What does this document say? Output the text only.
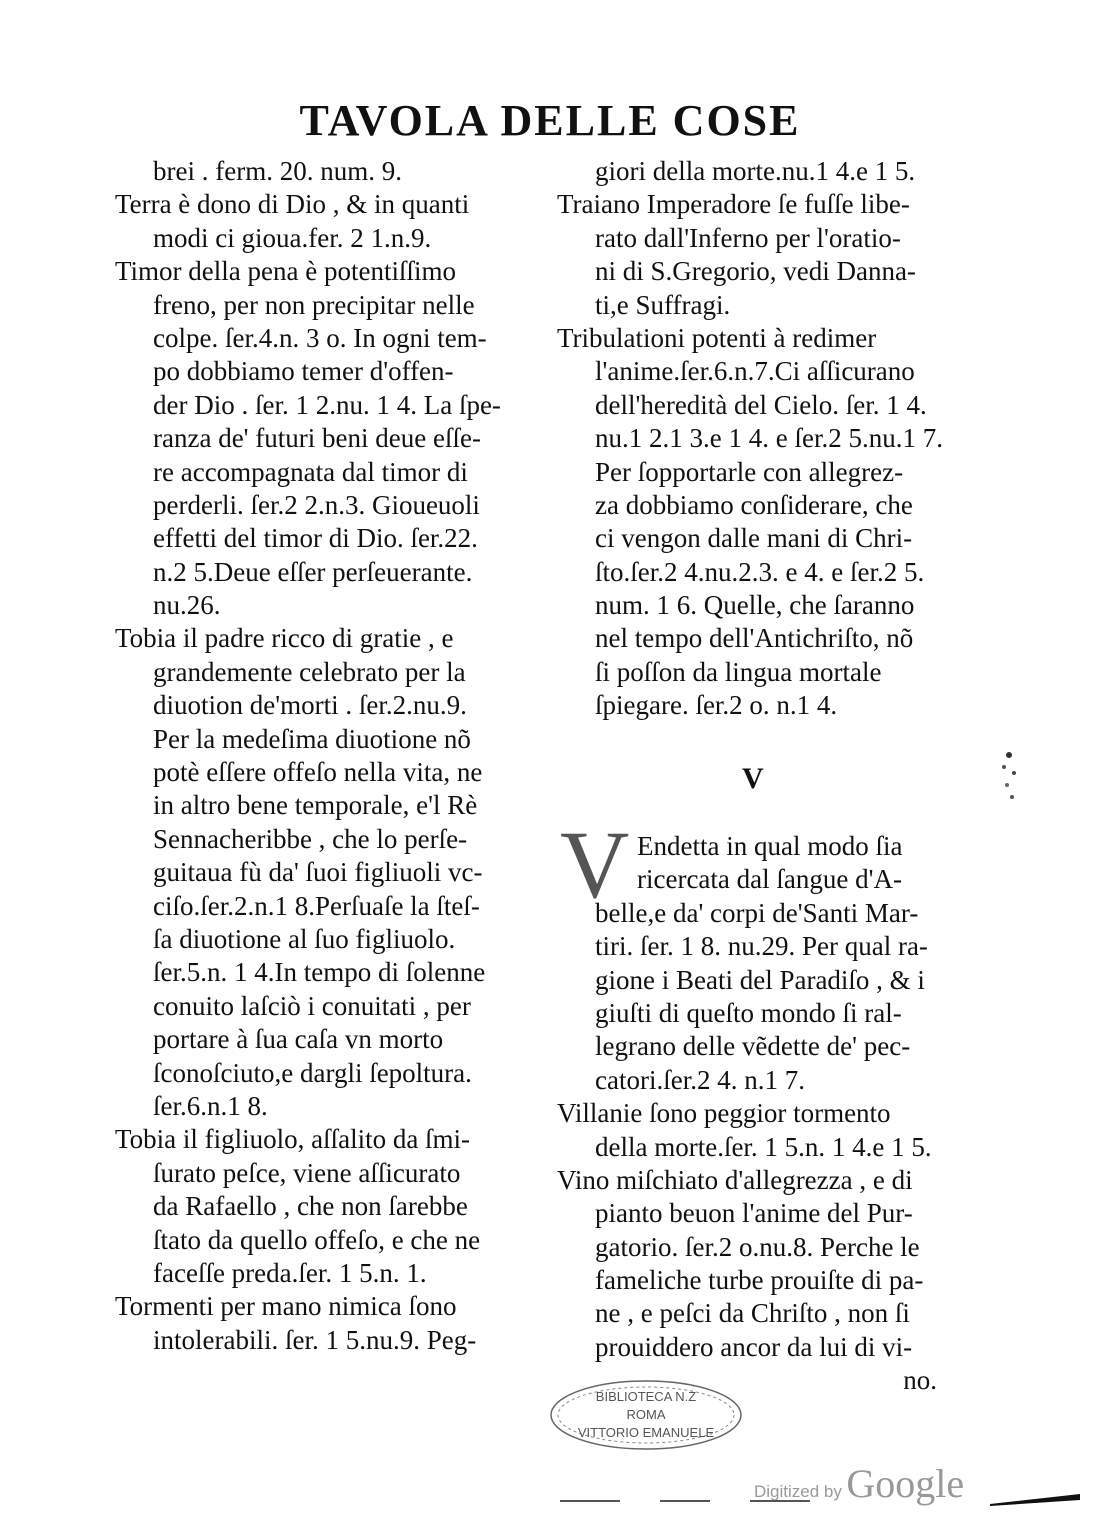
TAVOLA DELLE COSE
brei . ferm. 20. num. 9.
Terra è dono di Dio , & in quanti
modi ci gioua.fer. 2 1.n.9.
Timor della pena è potentiſſimo
freno, per non precipitar nelle
colpe. ſer.4.n. 3 o. In ogni tem-
po dobbiamo temer d'offen-
der Dio . ſer. 1 2.nu. 1 4. La ſpe-
ranza de' futuri beni deue eſſe-
re accompagnata dal timor di
perderli. ſer.2 2.n.3. Gioueuoli
effetti del timor di Dio. ſer.22.
n.2 5.Deue eſſer perſeuerante.
nu.26.
Tobia il padre ricco di gratie , e
grandemente celebrato per la
diuotion de'morti . ſer.2.nu.9.
Per la medeſima diuotione nõ
potè eſſere offeſo nella vita, ne
in altro bene temporale, e'l Rè
Sennacheribbe , che lo perſe-
guitaua fù da' ſuoi figliuoli vc-
ciſo.ſer.2.n.1 8.Perſuaſe la ſteſ-
ſa diuotione al ſuo figliuolo.
ſer.5.n. 1 4.In tempo di ſolenne
conuito laſciò i conuitati , per
portare à ſua caſa vn morto
ſconoſciuto,e dargli ſepoltura.
ſer.6.n.1 8.
Tobia il figliuolo, aſſalito da ſmi-
ſurato peſce, viene aſſicurato
da Rafaello , che non ſarebbe
ſtato da quello offeſo, e che ne
faceſſe preda.ſer. 1 5.n. 1.
Tormenti per mano nimica ſono
intolerabili. ſer. 1 5.nu.9. Peg-
giori della morte.nu.1 4.e 1 5.
Traiano Imperadore ſe fuſſe libe-
rato dall'Inferno per l'oratio-
ni di S.Gregorio, vedi Danna-
ti,e Suffragi.
Tribulationi potenti à redimer
l'anime.ſer.6.n.7.Ci aſſicurano
dell'heredità del Cielo. ſer. 1 4.
nu.1 2.1 3.e 1 4. e ſer.2 5.nu.1 7.
Per ſopportarle con allegrez-
za dobbiamo conſiderare, che
ci vengon dalle mani di Chri-
ſto.ſer.2 4.nu.2.3. e 4. e ſer.2 5.
num. 1 6. Quelle, che ſaranno
nel tempo dell'Antichriſto, nõ
ſi poſſon da lingua mortale
ſpiegare. ſer.2 o. n.1 4.
V
V Endetta in qual modo ſia
ricercata dal ſangue d'A-
belle,e da' corpi de'Santi Mar-
tiri. ſer. 1 8. nu.29. Per qual ra-
gione i Beati del Paradiſo , & i
giuſti di queſto mondo ſi ral-
legrano delle vẽdette de' pec-
catori.ſer.2 4. n.1 7.
Villanie ſono peggior tormento
della morte.ſer. 1 5.n. 1 4.e 1 5.
Vino miſchiato d'allegrezza , e di
pianto beuon l'anime del Pur-
gatorio. ſer.2 o.nu.8. Perche le
fameliche turbe prouiſte di pa-
ne , e peſci da Chriſto , non ſi
prouiddero ancor da lui di vi-
no.
BIBLIOTECA N.Z
ROMA
VITTORIO EMANUELE
Digitized by Google
